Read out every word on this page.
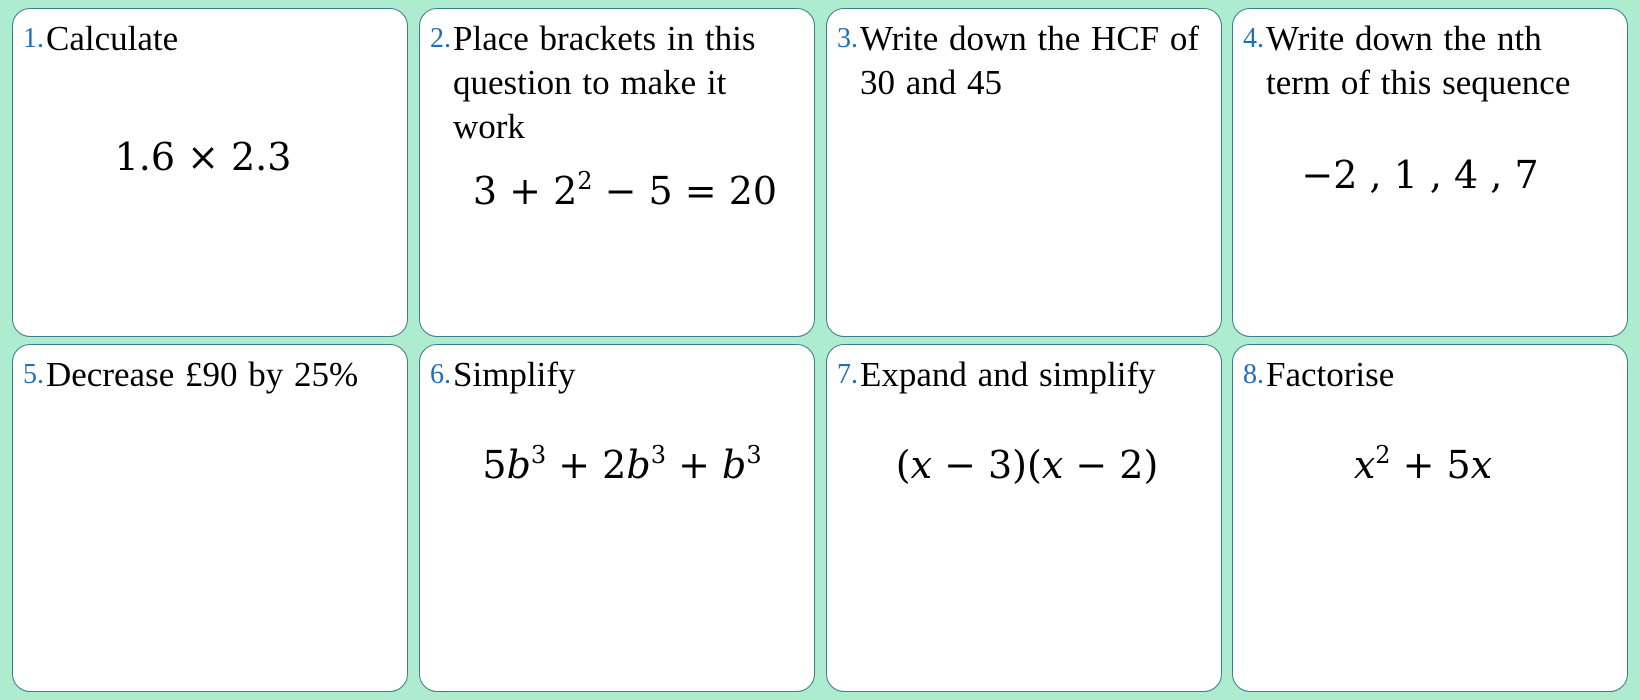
1. Calculate
1.6 × 2.3
2. Place brackets in this question to make it work
$3 + 2^2 - 5 = 20$
3. Write down the HCF of 30 and 45
4. Write down the nth term of this sequence
−2 , 1 , 4 , 7
5. Decrease £90 by 25%	6. Simplify
$5b^3 + 2b^3 + b^3$
7. Expand and simplify
(x − 3)(x − 2)
8. Factorise
$x^2 + 5x$
